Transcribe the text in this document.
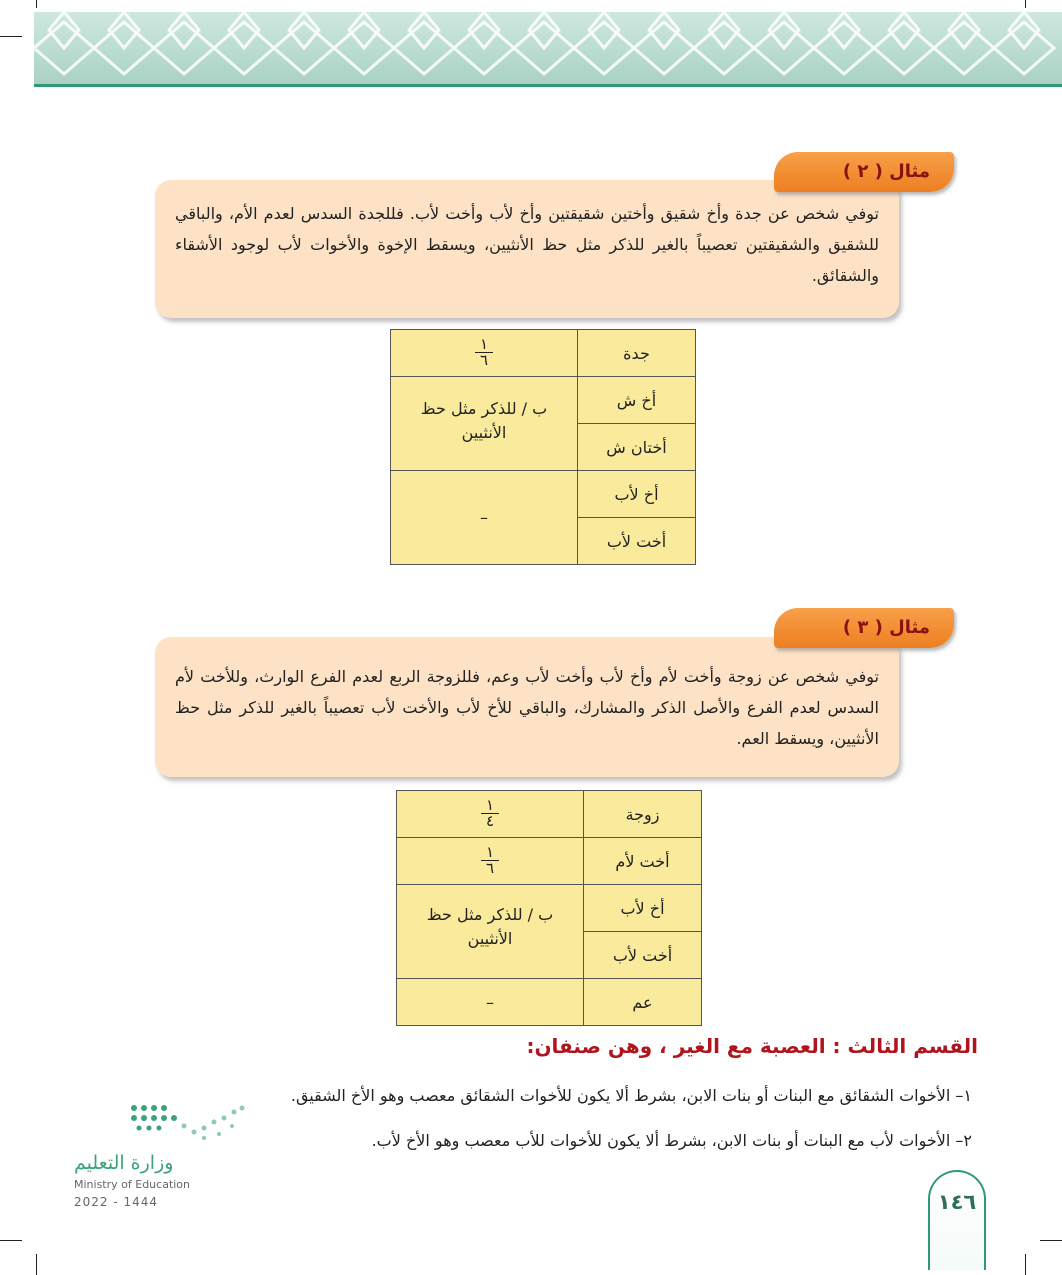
توفي شخص عن جدة وأخ شقيق وأختين شقيقتين وأخ لأب وأخت لأب. فللجدة السدس لعدم الأم، والباقي للشقيق والشقيقتين تعصيباً بالغير للذكر مثل حظ الأنثيين، ويسقط الإخوة والأخوات لأب لوجود الأشقاء والشقائق.
مثال ( ٢ )
جدة	$\frac{١}{٦}$

أخ ش	ب / للذكر مثل حظ الأنثيين

أختان ش	
أخ لأب	–
أخت لأب	
توفي شخص عن زوجة وأخت لأم وأخ لأب وأخت لأب وعم، فللزوجة الربع لعدم الفرع الوارث، وللأخت لأم السدس لعدم الفرع والأصل الذكر والمشارك، والباقي للأخ لأب والأخت لأب تعصيباً بالغير للذكر مثل حظ الأنثيين، ويسقط العم.
مثال ( ٣ )
زوجة	$\frac{١}{٤}$

أخت لأم	$\frac{١}{٦}$

أخ لأب	ب / للذكر مثل حظ الأنثيين

أخت لأب	
عم	–
القسم الثالث : العصبة مع الغير ، وهن صنفان:
١– الأخوات الشقائق مع البنات أو بنات الابن، بشرط ألا يكون للأخوات الشقائق معصب وهو الأخ الشقيق.
٢– الأخوات لأب مع البنات أو بنات الابن، بشرط ألا يكون للأخوات للأب معصب وهو الأخ لأب.
وزارة التعليم
Ministry of Education
2022 - 1444	١٤٦
